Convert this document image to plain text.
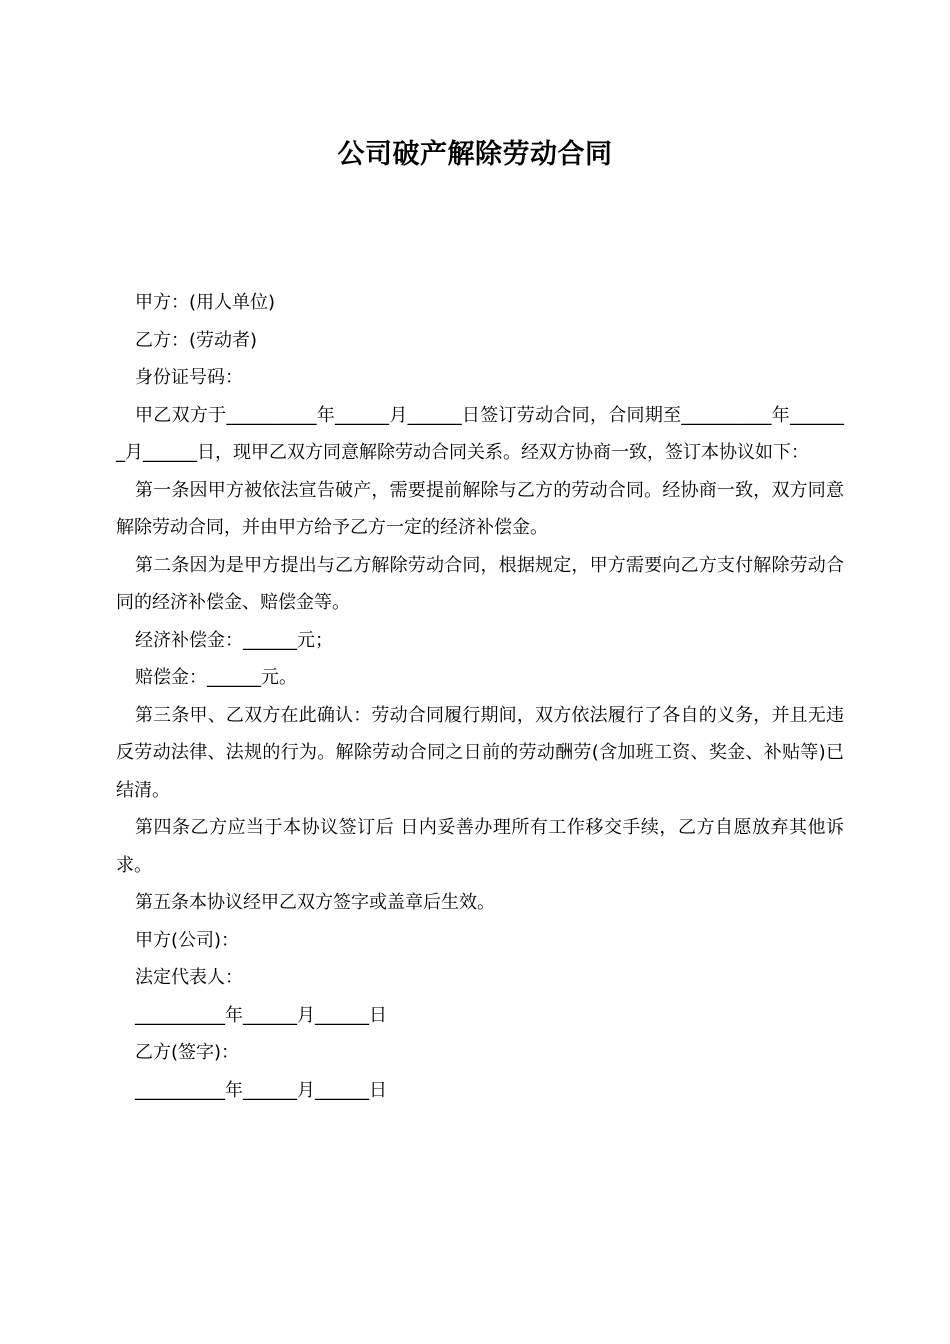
公司破产解除劳动合同

甲方：(用人单位)

乙方：(劳动者)

身份证号码：

甲乙双方于__________年______月______日签订劳动合同，合同期至__________年_______月______日，现甲乙双方同意解除劳动合同关系。经双方协商一致，签订本协议如下：

第一条因甲方被依法宣告破产，需要提前解除与乙方的劳动合同。经协商一致，双方同意解除劳动合同，并由甲方给予乙方一定的经济补偿金。

第二条因为是甲方提出与乙方解除劳动合同，根据规定，甲方需要向乙方支付解除劳动合同的经济补偿金、赔偿金等。

经济补偿金：______元；

赔偿金：______元。

第三条甲、乙双方在此确认：劳动合同履行期间，双方依法履行了各自的义务，并且无违反劳动法律、法规的行为。解除劳动合同之日前的劳动酬劳(含加班工资、奖金、补贴等)已结清。

第四条乙方应当于本协议签订后 日内妥善办理所有工作移交手续，乙方自愿放弃其他诉求。

第五条本协议经甲乙双方签字或盖章后生效。

甲方(公司)：

法定代表人：

__________年______月______日

乙方(签字)：

__________年______月______日
